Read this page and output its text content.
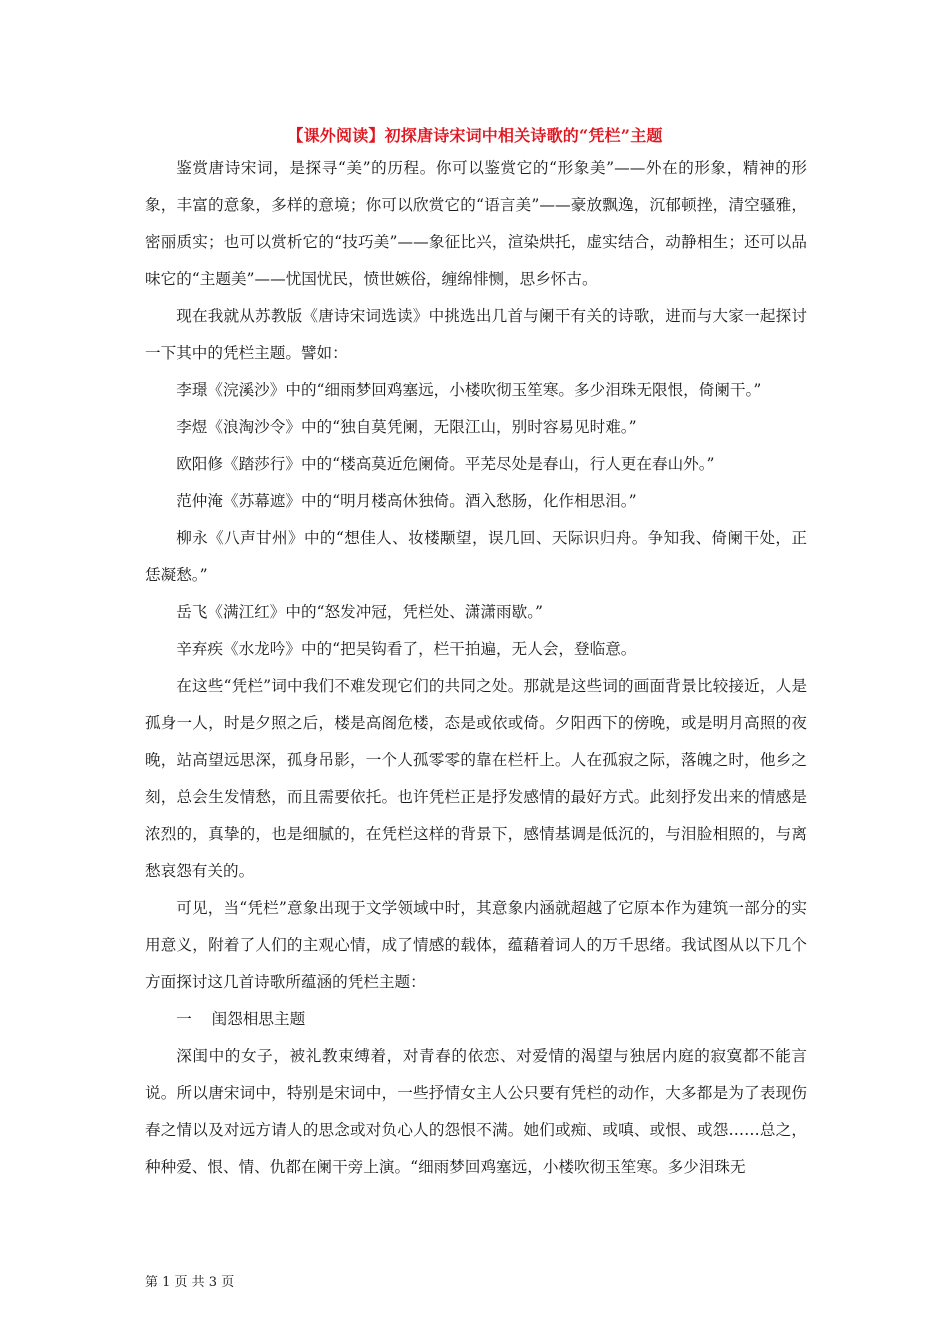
【课外阅读】初探唐诗宋词中相关诗歌的“凭栏”主题

鉴赏唐诗宋词，是探寻“美”的历程。你可以鉴赏它的“形象美”——外在的形象，精神的形象，丰富的意象，多样的意境；你可以欣赏它的“语言美”——豪放飘逸，沉郁顿挫，清空骚雅，密丽质实；也可以赏析它的“技巧美”——象征比兴，渲染烘托，虚实结合，动静相生；还可以品味它的“主题美”——忧国忧民，愤世嫉俗，缠绵悱恻，思乡怀古。

现在我就从苏教版《唐诗宋词选读》中挑选出几首与阑干有关的诗歌，进而与大家一起探讨一下其中的凭栏主题。譬如：

李璟《浣溪沙》中的“细雨梦回鸡塞远，小楼吹彻玉笙寒。多少泪珠无限恨，倚阑干。”

李煜《浪淘沙令》中的“独自莫凭阑，无限江山，别时容易见时难。”

欧阳修《踏莎行》中的“楼高莫近危阑倚。平芜尽处是春山，行人更在春山外。”

范仲淹《苏幕遮》中的“明月楼高休独倚。酒入愁肠，化作相思泪。”

柳永《八声甘州》中的“想佳人、妆楼颙望，误几回、天际识归舟。争知我、倚阑干处，正恁凝愁。”

岳飞《满江红》中的“怒发冲冠，凭栏处、潇潇雨歇。”

辛弃疾《水龙吟》中的“把吴钩看了，栏干拍遍，无人会，登临意。

在这些“凭栏”词中我们不难发现它们的共同之处。那就是这些词的画面背景比较接近，人是孤身一人，时是夕照之后，楼是高阁危楼，态是或依或倚。夕阳西下的傍晚，或是明月高照的夜晚，站高望远思深，孤身吊影，一个人孤零零的靠在栏杆上。人在孤寂之际，落魄之时，他乡之刻，总会生发情愁，而且需要依托。也许凭栏正是抒发感情的最好方式。此刻抒发出来的情感是浓烈的，真挚的，也是细腻的，在凭栏这样的背景下，感情基调是低沉的，与泪脸相照的，与离愁哀怨有关的。

可见，当“凭栏”意象出现于文学领域中时，其意象内涵就超越了它原本作为建筑一部分的实用意义，附着了人们的主观心情，成了情感的载体，蕴藉着词人的万千思绪。我试图从以下几个方面探讨这几首诗歌所蕴涵的凭栏主题：

一    闺怨相思主题

深闺中的女子，被礼教束缚着，对青春的依恋、对爱情的渴望与独居内庭的寂寞都不能言说。所以唐宋词中，特别是宋词中，一些抒情女主人公只要有凭栏的动作，大多都是为了表现伤春之情以及对远方请人的思念或对负心人的怨恨不满。她们或痴、或嗔、或恨、或怨……总之，种种爱、恨、情、仇都在阑干旁上演。“细雨梦回鸡塞远，小楼吹彻玉笙寒。多少泪珠无

第 1 页 共 3 页
